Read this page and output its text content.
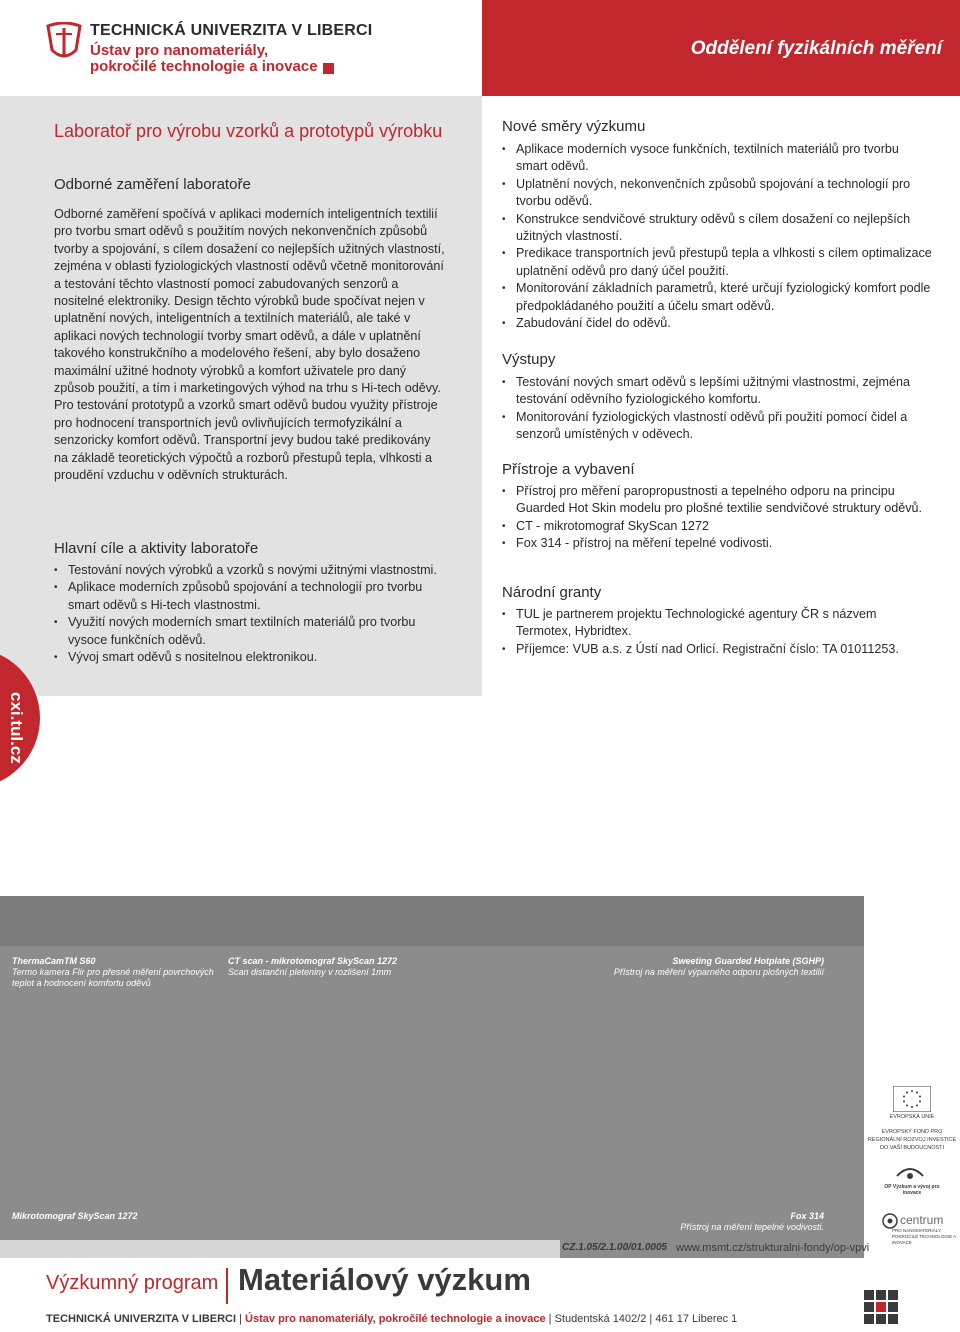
TECHNICKÁ UNIVERZITA V LIBERCI
Ústav pro nanomateriály, pokročilé technologie a inovace
Oddělení fyzikálních měření
Laboratoř pro výrobu vzorků a prototypů výrobku
Odborné zaměření laboratoře
Odborné zaměření spočívá v aplikaci moderních inteligentních textilií pro tvorbu smart oděvů s použitím nových nekonvenčních způsobů tvorby a spojování, s cílem dosažení co nejlepších užitných vlastností, zejména v oblasti fyziologických vlastností oděvů včetně monitorování a testování těchto vlastností pomocí zabudovaných senzorů a nositelné elektroniky. Design těchto výrobků bude spočívat nejen v uplatnění nových, inteligentních a textilních materiálů, ale také v aplikaci nových technologií tvorby smart oděvů, a dále v uplatnění takového konstrukčního a modelového řešení, aby bylo dosaženo maximální užitné hodnoty výrobků a komfort uživatele pro daný způsob použití, a tím i marketingových výhod na trhu s Hi-tech oděvy. Pro testování prototypů a vzorků smart oděvů budou využity přístroje pro hodnocení transportních jevů ovlivňujících termofyzikální a senzoricky komfort oděvů. Transportní jevy budou také predikovány na základě teoretických výpočtů a rozborů přestupů tepla, vlhkosti a proudění vzduchu v oděvních strukturách.
Hlavní cíle a aktivity laboratoře
• Testování nových výrobků a vzorků s novými užitnými vlastnostmi.
• Aplikace moderních způsobů spojování a technologií pro tvorbu smart oděvů s Hi-tech vlastnostmi.
• Využití nových moderních smart textilních materiálů pro tvorbu vysoce funkčních oděvů.
• Vývoj smart oděvů s nositelnou elektronikou.
cxi.tul.cz
Nové směry výzkumu
• Aplikace moderních vysoce funkčních, textilních materiálů pro tvorbu smart oděvů.
• Uplatnění nových, nekonvenčních způsobů spojování a technologií pro tvorbu oděvů.
• Konstrukce sendvičové struktury oděvů s cílem dosažení co nejlepších užitných vlastností.
• Predikace transportních jevů přestupů tepla a vlhkosti s cílem optimalizace uplatnění oděvů pro daný účel použití.
• Monitorování základních parametrů, které určují fyziologický komfort podle předpokládaného použití a účelu smart oděvů.
• Zabudování čidel do oděvů.
Výstupy
• Testování nových smart oděvů s lepšími užitnými vlastnostmi, zejména testování oděvního fyziologického komfortu.
• Monitorování fyziologických vlastností oděvů při použití pomocí čidel a senzorů umístěných v oděvech.
Přístroje a vybavení
• Přístroj pro měření paropropustnosti a tepelného odporu na principu Guarded Hot Skin modelu pro plošné textilie sendvičové struktury oděvů.
• CT - mikrotomograf SkyScan 1272
• Fox 314 - přístroj na měření tepelné vodivosti.
Národní granty
• TUL je partnerem projektu Technologické agentury ČR s názvem Termotex, Hybridtex.
• Příjemce: VUB a.s. z Ústí nad Orlicí. Registrační číslo: TA 01011253.
ThermaCamTM S60
Termo kamera Flir pro přesné měření povrchových teplot a hodnocení komfortu oděvů
CT scan - mikrotomograf SkyScan 1272
Scan distanční pleteniny v rozlišení 1mm
Sweeting Guarded Hotplate (SGHP)
Přístroj na měření výparného odporu plošných textilií
Mikrotomograf SkyScan 1272	Fox 314
Přístroj na měření tepelné vodivosti.
EVROPSKÁ UNIE
EVROPSKÝ FOND PRO REGIONÁLNÍ ROZVOJ INVESTICE DO VAŠÍ BUDOUCNOSTI
OP Výzkum a vývoj pro inovace
centrum
PRO NANOMATERIÁLY, POKROČILÉ TECHNOLOGIE A INOVACE
CZ.1.05/2.1.00/01.0005 www.msmt.cz/strukturalni-fondy/op-vpvi
Výzkumný program Materiálový výzkum
TECHNICKÁ UNIVERZITA V LIBERCI | Ústav pro nanomateriály, pokročilé technologie a inovace | Studentská 1402/2 | 461 17 Liberec 1
